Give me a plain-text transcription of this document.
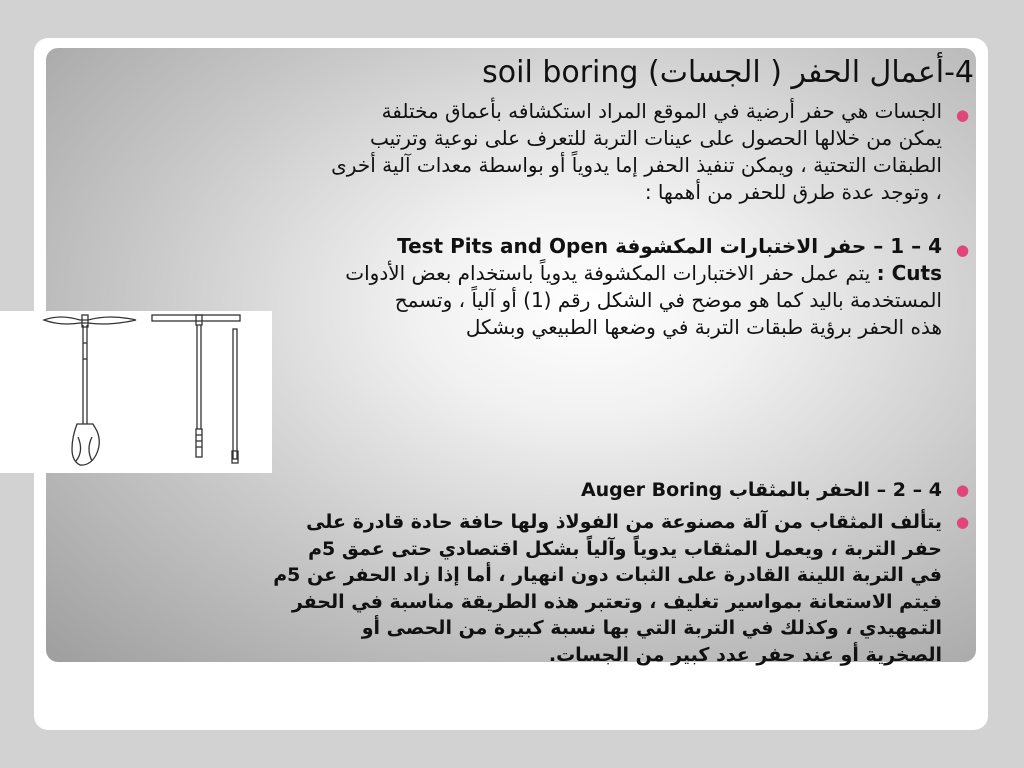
4-أعمال الحفر ( الجسات) soil boring
●
الجسات هي حفر أرضية في الموقع المراد استكشافه بأعماق مختلفة
يمكن من خلالها الحصول على عينات التربة للتعرف على نوعية وترتيب
الطبقات التحتية ، ويمكن تنفيذ الحفر إما يدوياً أو بواسطة معدات آلية أخرى
، وتوجد عدة طرق للحفر من أهمها :
●
4 – 1 – حفر الاختبارات المكشوفة Test Pits and Open
Cuts : يتم عمل حفر الاختبارات المكشوفة يدوياً باستخدام بعض الأدوات
المستخدمة باليد كما هو موضح في الشكل رقم (1) أو آلياً ، وتسمح
هذه الحفر برؤية طبقات التربة في وضعها الطبيعي وبشكل
●
4 – 2 – الحفر بالمثقاب Auger Boring
●
يتألف المثقاب من آلة مصنوعة من الفولاذ ولها حافة حادة قادرة على
حفر التربة ، ويعمل المثقاب يدوياً وآلياً بشكل اقتصادي حتى عمق 5م
في التربة اللينة القادرة على الثبات دون انهيار ، أما إذا زاد الحفر عن 5م
فيتم الاستعانة بمواسير تغليف ، وتعتبر هذه الطريقة مناسبة في الحفر
التمهيدي ، وكذلك في التربة التي بها نسبة كبيرة من الحصى أو
الصخرية أو عند حفر عدد كبير من الجسات.
